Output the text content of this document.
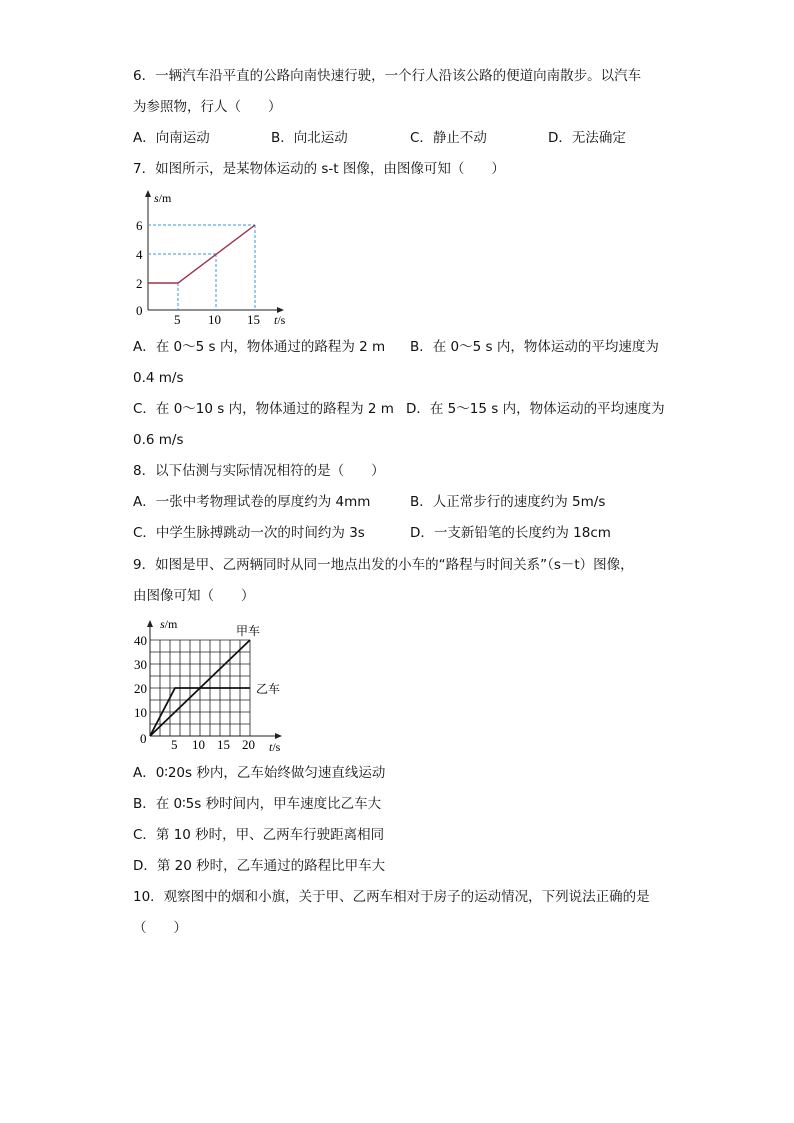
6．一辆汽车沿平直的公路向南快速行驶，一个行人沿该公路的便道向南散步。以汽车
为参照物，行人（　　）
A．向南运动	B．向北运动	C．静止不动	D．无法确定
7．如图所示，是某物体运动的 s-t 图像，由图像可知（　　）
s/m
6
4
2
0
5 10 15 t/s
A．在 0～5 s 内，物体通过的路程为 2 m B．在 0～5 s 内，物体运动的平均速度为
0.4 m/s
C．在 0～10 s 内，物体通过的路程为 2 m D．在 5～15 s 内，物体运动的平均速度为
0.6 m/s
8．以下估测与实际情况相符的是（　　）
A．一张中考物理试卷的厚度约为 4mm	B．人正常步行的速度约为 5m/s
C．中学生脉搏跳动一次的时间约为 3s	D．一支新铅笔的长度约为 18cm
9．如图是甲、乙两辆同时从同一地点出发的小车的“路程与时间关系”（s－t）图像，
由图像可知（　　）
s/m
40
30
20
10
0 5 10 15 20 t/s
甲车
乙车
A．0∶20s 秒内，乙车始终做匀速直线运动
B．在 0∶5s 秒时间内，甲车速度比乙车大
C．第 10 秒时，甲、乙两车行驶距离相同
D．第 20 秒时，乙车通过的路程比甲车大
10．观察图中的烟和小旗，关于甲、乙两车相对于房子的运动情况，下列说法正确的是
（　　）
